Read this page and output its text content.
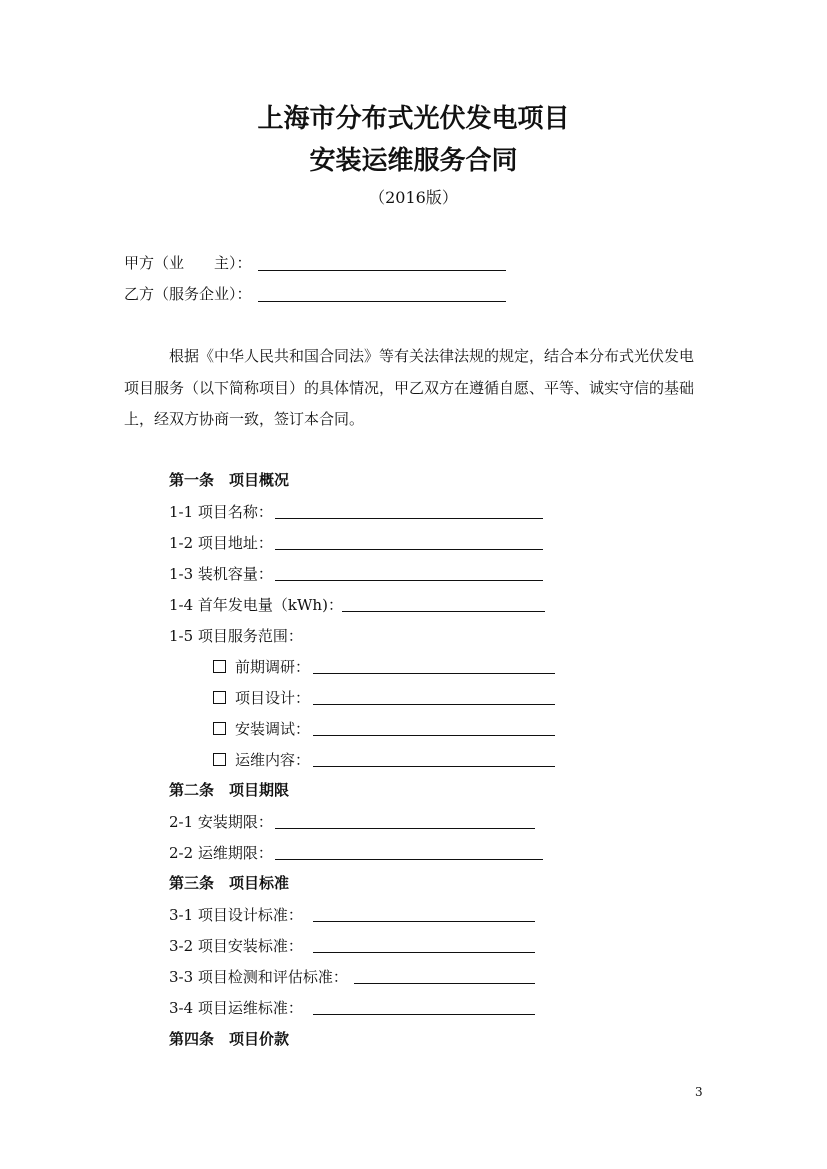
上海市分布式光伏发电项目
安装运维服务合同
（2016版）
甲方（业　　主）：
乙方（服务企业）：
根据《中华人民共和国合同法》等有关法律法规的规定，结合本分布式光伏发电
项目服务（以下简称项目）的具体情况，甲乙双方在遵循自愿、平等、诚实守信的基础
上，经双方协商一致，签订本合同。
第一条　项目概况
1-1 项目名称：
1-2 项目地址：
1-3 装机容量：
1-4 首年发电量（kWh)：
1-5 项目服务范围：
前期调研：
项目设计：
安装调试：
运维内容：
第二条　项目期限
2-1 安装期限：
2-2 运维期限：
第三条　项目标准
3-1 项目设计标准：
3-2 项目安装标准：
3-3 项目检测和评估标准：
3-4 项目运维标准：
第四条　项目价款
3
